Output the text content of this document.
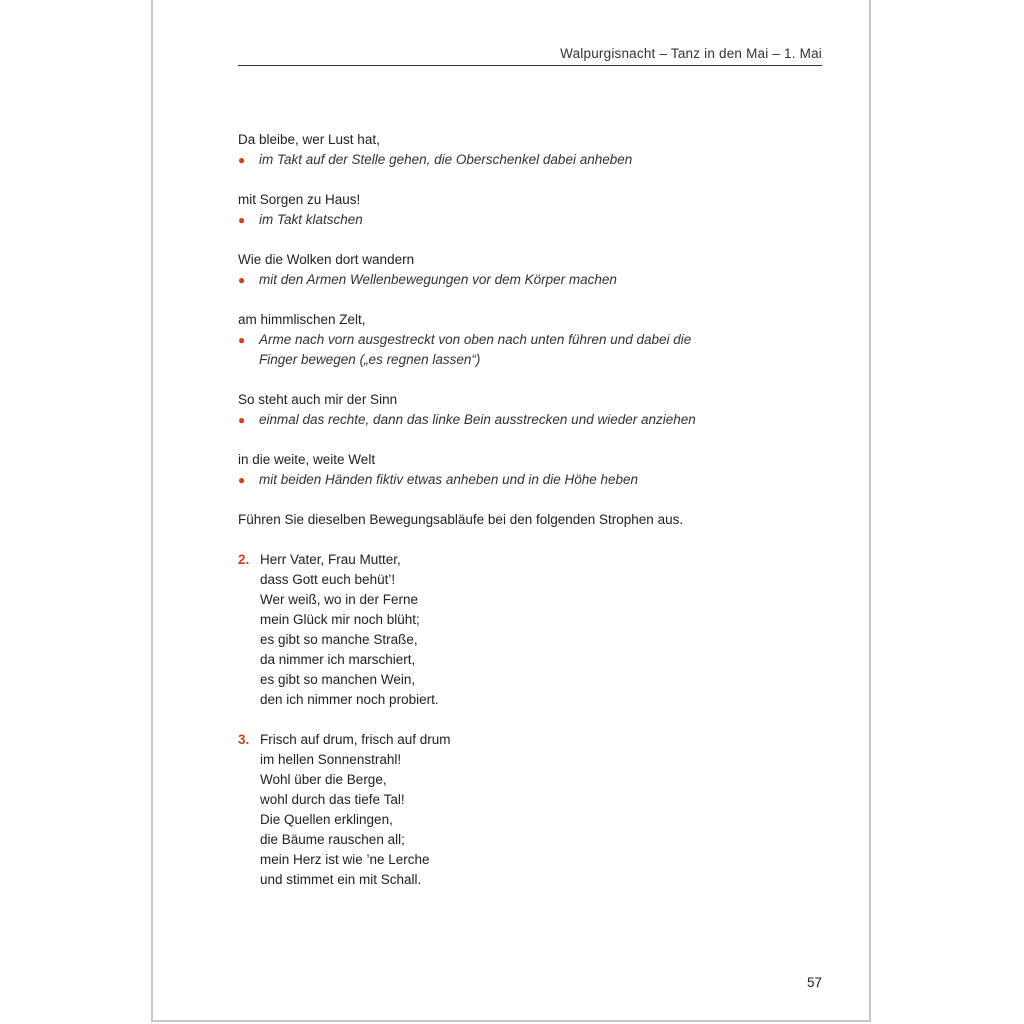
Walpurgisnacht – Tanz in den Mai – 1. Mai
Da bleibe, wer Lust hat,
●	im Takt auf der Stelle gehen, die Oberschenkel dabei anheben
mit Sorgen zu Haus!
●	im Takt klatschen
Wie die Wolken dort wandern
●	mit den Armen Wellenbewegungen vor dem Körper machen
am himmlischen Zelt,
●	Arme nach vorn ausgestreckt von oben nach unten führen und dabei die
Finger bewegen („es regnen lassen“)
So steht auch mir der Sinn
●	einmal das rechte, dann das linke Bein ausstrecken und wieder anziehen
in die weite, weite Welt
●	mit beiden Händen fiktiv etwas anheben und in die Höhe heben
Führen Sie dieselben Bewegungsabläufe bei den folgenden Strophen aus.
2. Herr Vater, Frau Mutter,
dass Gott euch behüt’!
Wer weiß, wo in der Ferne
mein Glück mir noch blüht;
es gibt so manche Straße,
da nimmer ich marschiert,
es gibt so manchen Wein,
den ich nimmer noch probiert.
3. Frisch auf drum, frisch auf drum
im hellen Sonnenstrahl!
Wohl über die Berge,
wohl durch das tiefe Tal!
Die Quellen erklingen,
die Bäume rauschen all;
mein Herz ist wie ’ne Lerche
und stimmet ein mit Schall.
57
